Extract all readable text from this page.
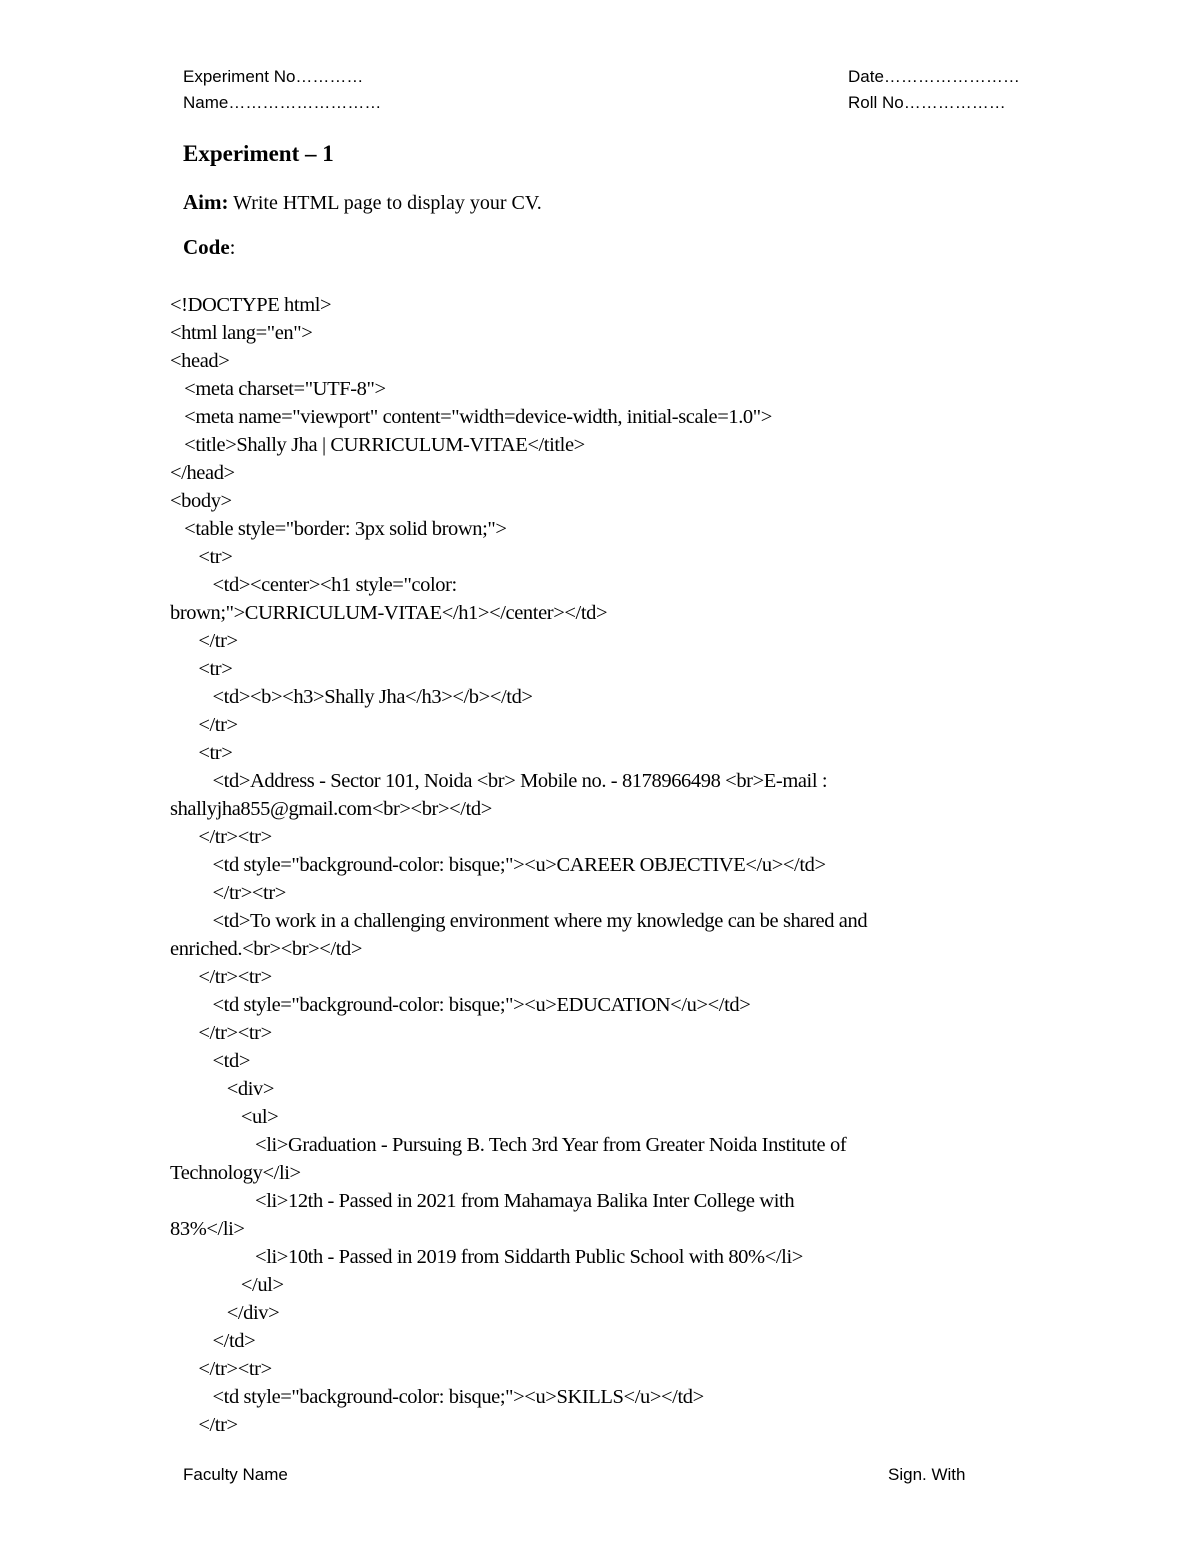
Experiment No…………
Name………………………
Date……………………
Roll No………………
Experiment – 1
Aim: Write HTML page to display your CV.
Code:
<!DOCTYPE html>
<html lang="en">
<head>
<meta charset="UTF-8">
<meta name="viewport" content="width=device-width, initial-scale=1.0">
<title>Shally Jha | CURRICULUM-VITAE</title>
</head>
<body>
<table style="border: 3px solid brown;">
<tr>
<td><center><h1 style="color:
brown;">CURRICULUM-VITAE</h1></center></td>
</tr>
<tr>
<td><b><h3>Shally Jha</h3></b></td>
</tr>
<tr>
<td>Address - Sector 101, Noida <br> Mobile no. - 8178966498 <br>E-mail :
shallyjha855@gmail.com<br><br></td>
</tr><tr>
<td style="background-color: bisque;"><u>CAREER OBJECTIVE</u></td>
</tr><tr>
<td>To work in a challenging environment where my knowledge can be shared and
enriched.<br><br></td>
</tr><tr>
<td style="background-color: bisque;"><u>EDUCATION</u></td>
</tr><tr>
<td>
<div>
<ul>
<li>Graduation - Pursuing B. Tech 3rd Year from Greater Noida Institute of
Technology</li>
<li>12th - Passed in 2021 from Mahamaya Balika Inter College with
83%</li>
<li>10th - Passed in 2019 from Siddarth Public School with 80%</li>
</ul>
</div>
</td>
</tr><tr>
<td style="background-color: bisque;"><u>SKILLS</u></td>
</tr>
Faculty Name	Sign. With
